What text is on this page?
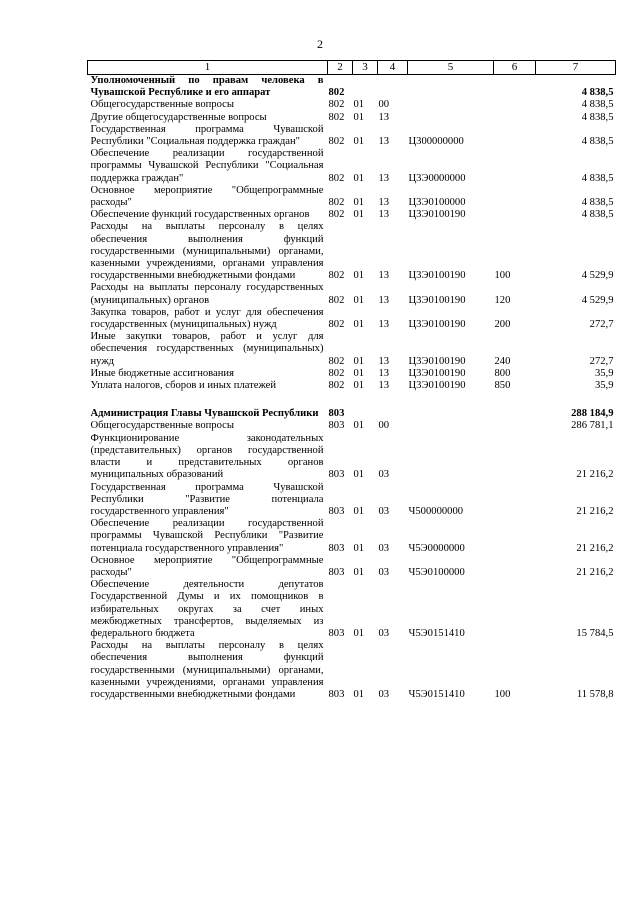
2
1	2	3	4	5	6	7
Уполномоченный по правам человека в Чувашской Республике и его аппарат	802					4 838,5
Общегосударственные вопросы	802	01	00			4 838,5
Другие общегосударственные вопросы	802	01	13			4 838,5
Государственная программа Чувашской Республики "Социальная поддержка граждан"	802	01	13	Ц300000000		4 838,5
Обеспечение реализации государственной программы Чувашской Республики "Социальная поддержка граждан"	802	01	13	Ц3Э0000000		4 838,5
Основное мероприятие "Общепрограммные расходы"	802	01	13	Ц3Э0100000		4 838,5
Обеспечение функций государственных органов	802	01	13	Ц3Э0100190		4 838,5
Расходы на выплаты персоналу в целях обеспечения выполнения функций государственными (муниципальными) органами, казенными учреждениями, органами управления государственными внебюджетными фондами	802	01	13	Ц3Э0100190	100	4 529,9
Расходы на выплаты персоналу государственных (муниципальных) органов	802	01	13	Ц3Э0100190	120	4 529,9
Закупка товаров, работ и услуг для обеспечения государственных (муниципальных) нужд	802	01	13	Ц3Э0100190	200	272,7
Иные закупки товаров, работ и услуг для обеспечения государственных (муниципальных) нужд	802	01	13	Ц3Э0100190	240	272,7
Иные бюджетные ассигнования	802	01	13	Ц3Э0100190	800	35,9
Уплата налогов, сборов и иных платежей	802	01	13	Ц3Э0100190	850	35,9

Администрация Главы Чувашской Республики	803					288 184,9
Общегосударственные вопросы	803	01	00			286 781,1
Функционирование законодательных (представительных) органов государственной власти и представительных органов муниципальных образований	803	01	03			21 216,2
Государственная программа Чувашской Республики "Развитие потенциала государственного управления"	803	01	03	Ч500000000		21 216,2
Обеспечение реализации государственной программы Чувашской Республики "Развитие потенциала государственного управления"	803	01	03	Ч5Э0000000		21 216,2
Основное мероприятие "Общепрограммные расходы"	803	01	03	Ч5Э0100000		21 216,2
Обеспечение деятельности депутатов Государственной Думы и их помощников в избирательных округах за счет иных межбюджетных трансфертов, выделяемых из федерального бюджета	803	01	03	Ч5Э0151410		15 784,5
Расходы на выплаты персоналу в целях обеспечения выполнения функций государственными (муниципальными) органами, казенными учреждениями, органами управления государственными внебюджетными фондами	803	01	03	Ч5Э0151410	100	11 578,8
